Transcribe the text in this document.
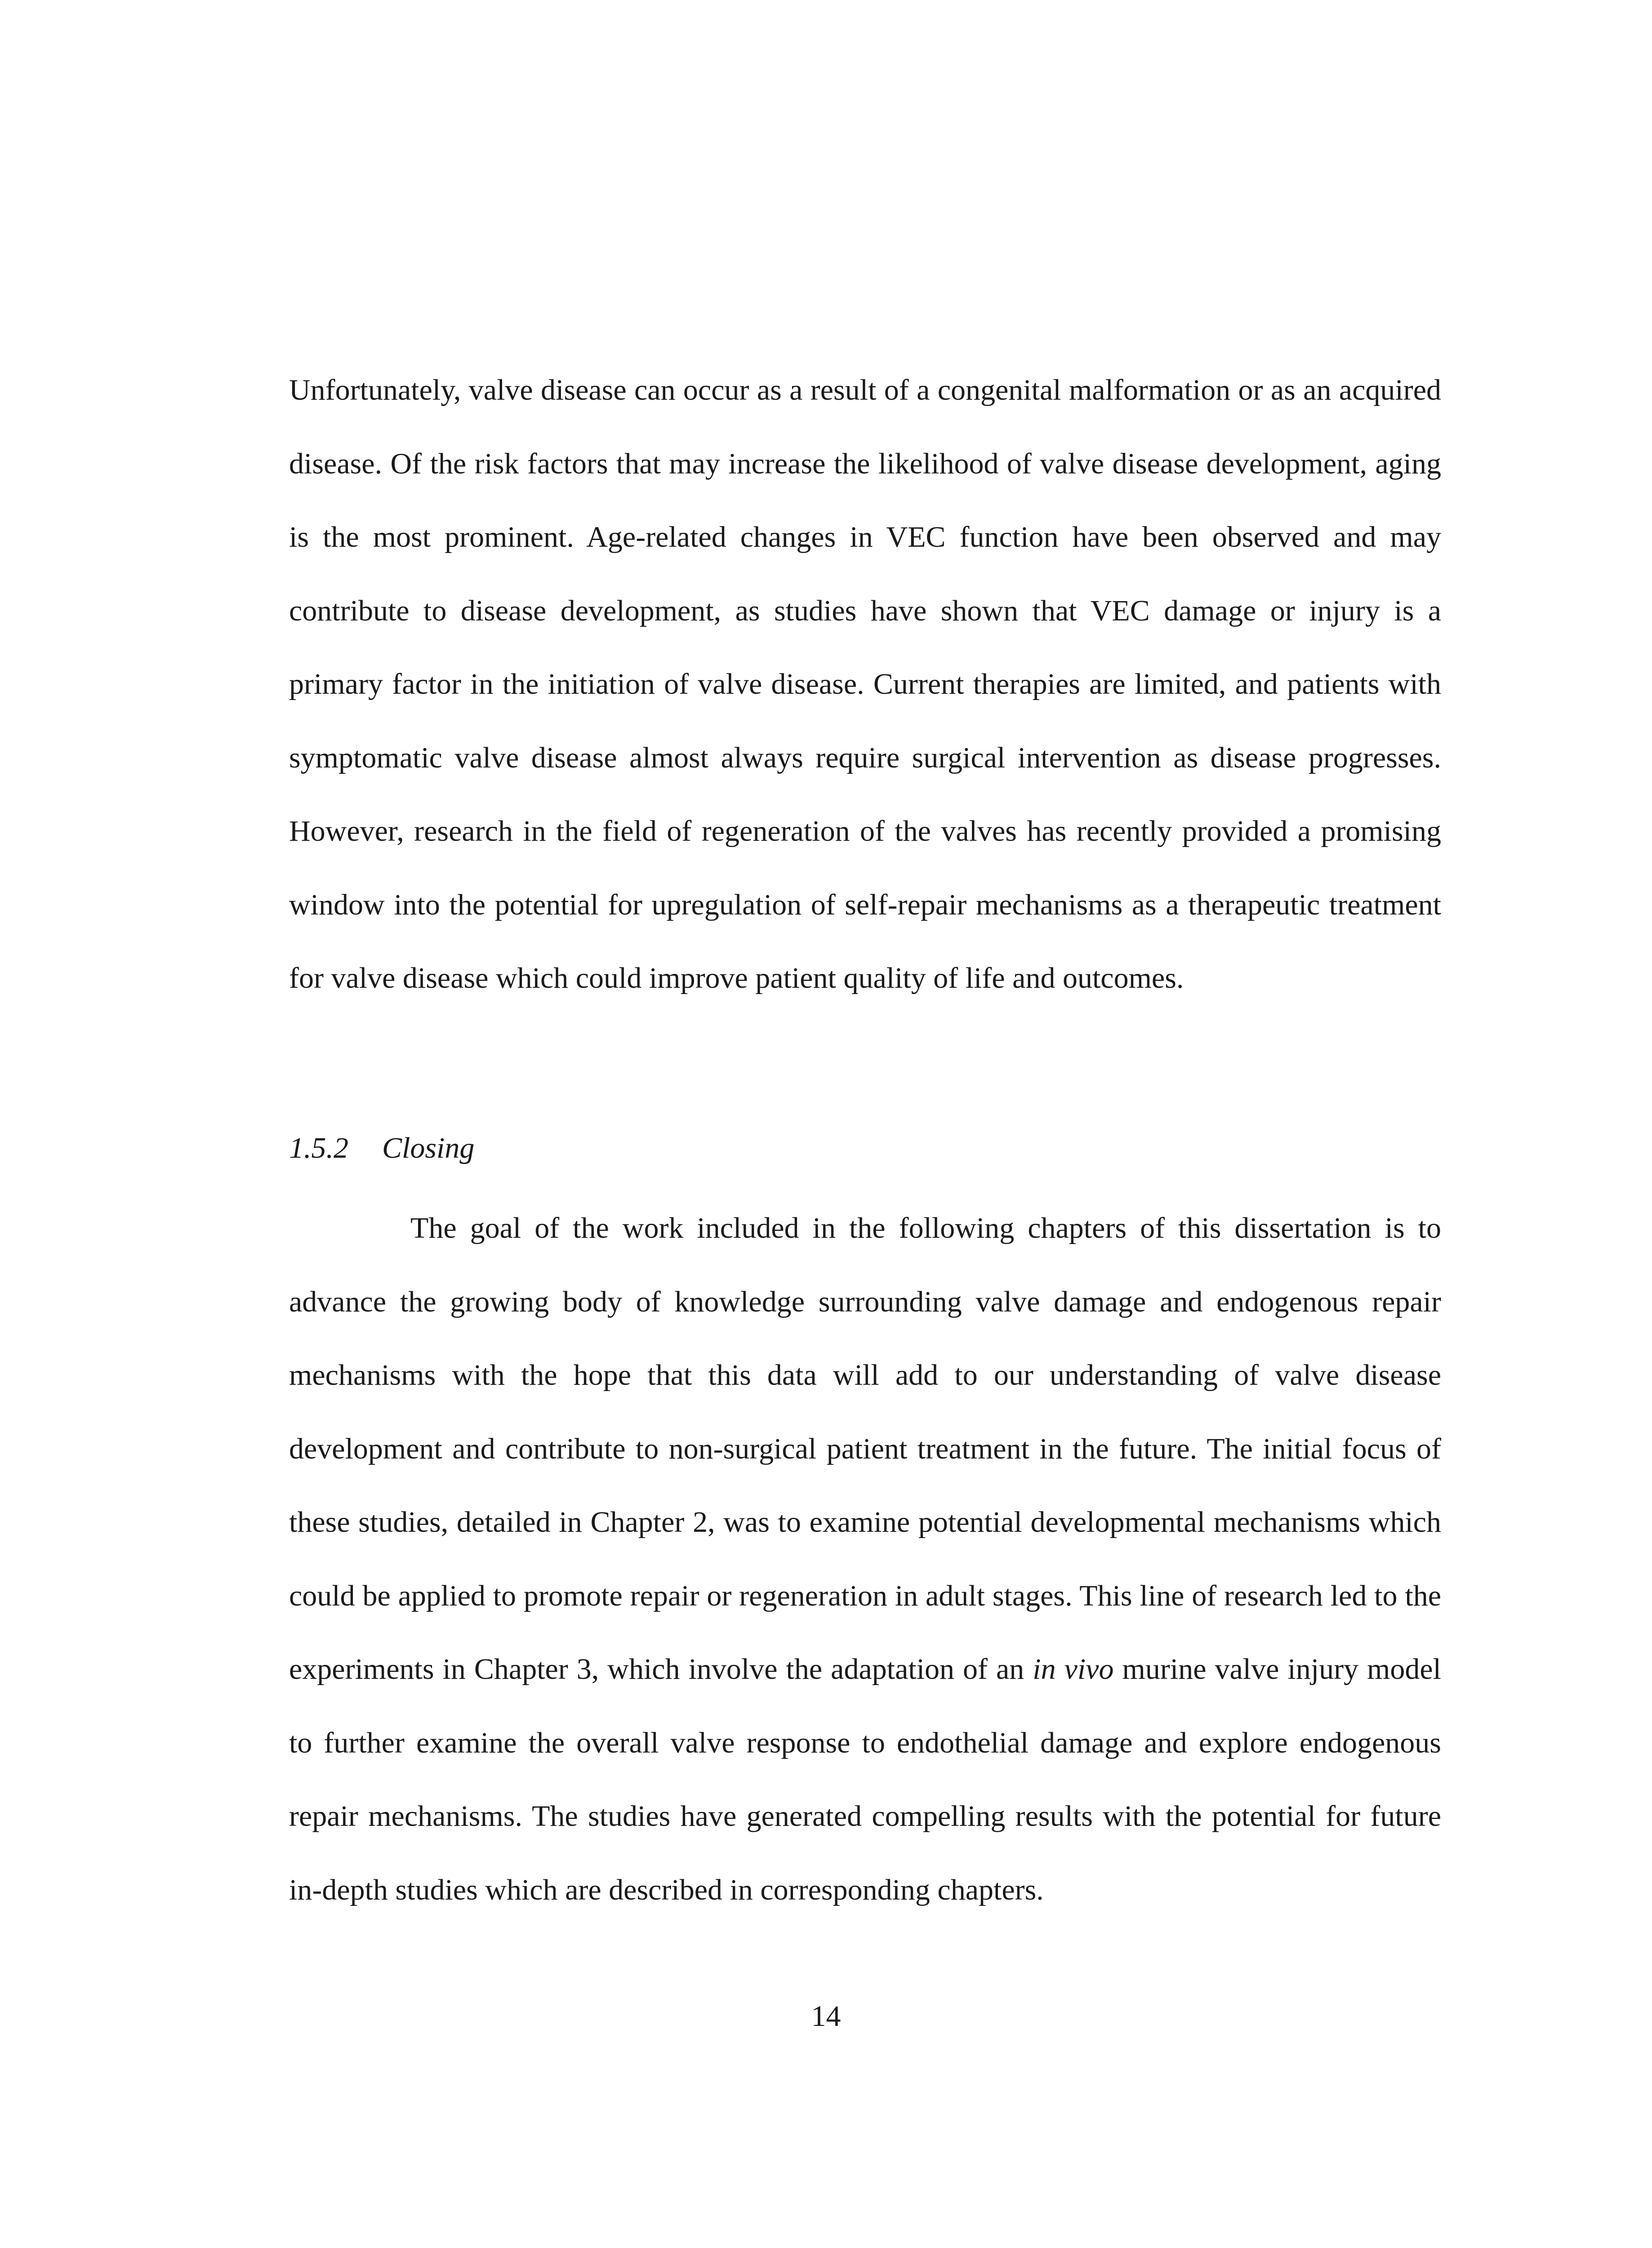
Unfortunately, valve disease can occur as a result of a congenital malformation or as an acquired disease. Of the risk factors that may increase the likelihood of valve disease development, aging is the most prominent. Age-related changes in VEC function have been observed and may contribute to disease development, as studies have shown that VEC damage or injury is a primary factor in the initiation of valve disease. Current therapies are limited, and patients with symptomatic valve disease almost always require surgical intervention as disease progresses. However, research in the field of regeneration of the valves has recently provided a promising window into the potential for upregulation of self-repair mechanisms as a therapeutic treatment for valve disease which could improve patient quality of life and outcomes.

1.5.2 Closing

The goal of the work included in the following chapters of this dissertation is to advance the growing body of knowledge surrounding valve damage and endogenous repair mechanisms with the hope that this data will add to our understanding of valve disease development and contribute to non-surgical patient treatment in the future. The initial focus of these studies, detailed in Chapter 2, was to examine potential developmental mechanisms which could be applied to promote repair or regeneration in adult stages. This line of research led to the experiments in Chapter 3, which involve the adaptation of an in vivo murine valve injury model to further examine the overall valve response to endothelial damage and explore endogenous repair mechanisms. The studies have generated compelling results with the potential for future in-depth studies which are described in corresponding chapters.

14
